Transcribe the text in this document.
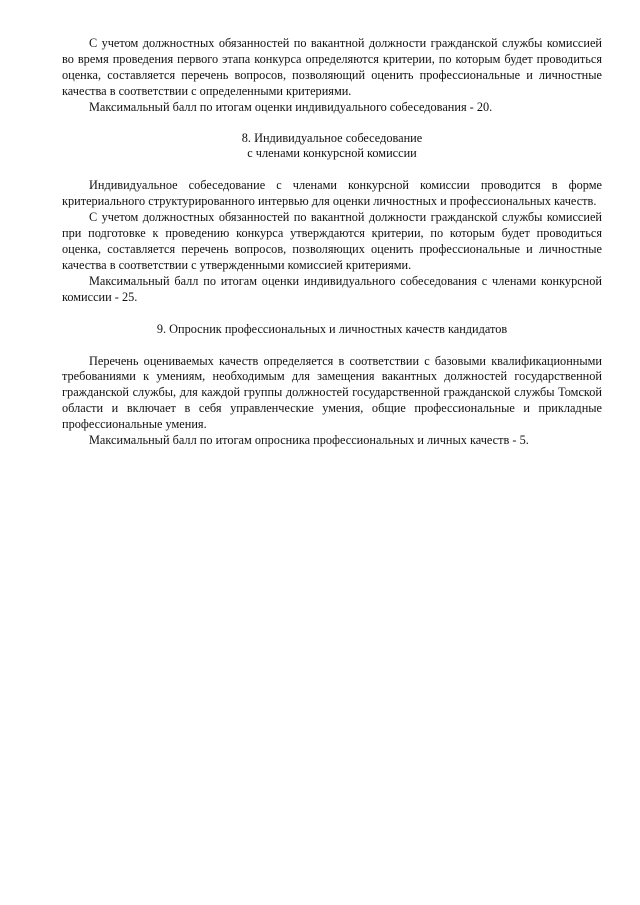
С учетом должностных обязанностей по вакантной должности гражданской службы комиссией во время проведения первого этапа конкурса определяются критерии, по которым будет проводиться оценка, составляется перечень вопросов, позволяющий оценить профессиональные и личностные качества в соответствии с определенными критериями.

Максимальный балл по итогам оценки индивидуального собеседования - 20.

8. Индивидуальное собеседование

с членами конкурсной комиссии

Индивидуальное собеседование с членами конкурсной комиссии проводится в форме критериального структурированного интервью для оценки личностных и профессиональных качеств.

С учетом должностных обязанностей по вакантной должности гражданской службы комиссией при подготовке к проведению конкурса утверждаются критерии, по которым будет проводиться оценка, составляется перечень вопросов, позволяющих оценить профессиональные и личностные качества в соответствии с утвержденными комиссией критериями.

Максимальный балл по итогам оценки индивидуального собеседования с членами конкурсной комиссии - 25.

9. Опросник профессиональных и личностных качеств кандидатов

Перечень оцениваемых качеств определяется в соответствии с базовыми квалификационными требованиями к умениям, необходимым для замещения вакантных должностей государственной гражданской службы, для каждой группы должностей государственной гражданской службы Томской области и включает в себя управленческие умения, общие профессиональные и прикладные профессиональные умения.

Максимальный балл по итогам опросника профессиональных и личных качеств - 5.
